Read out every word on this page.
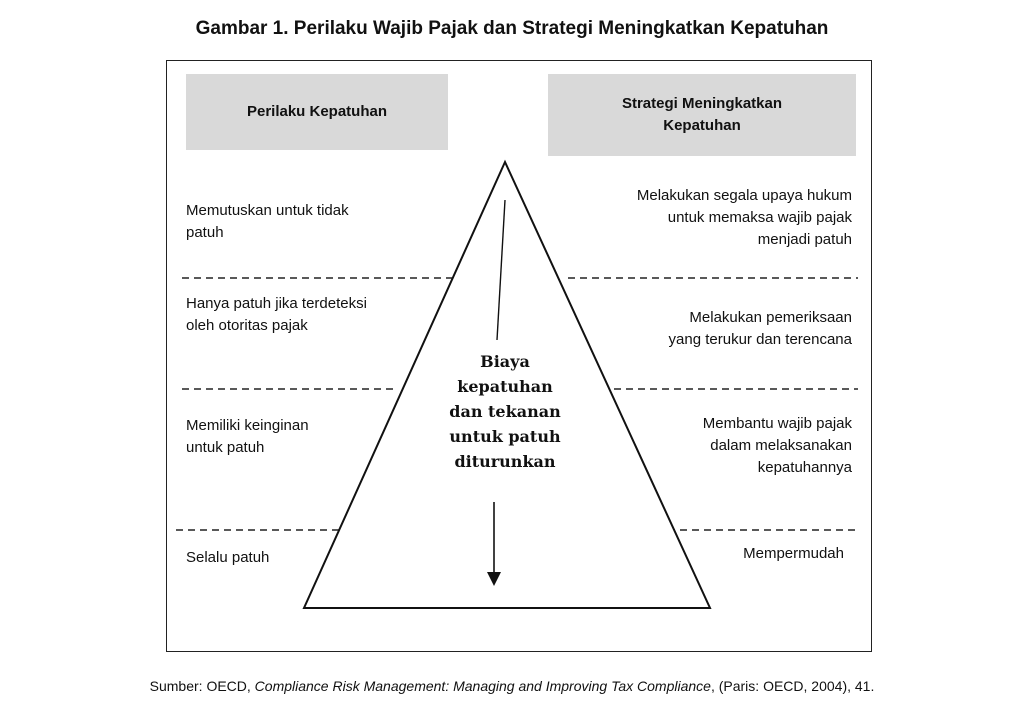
Gambar 1. Perilaku Wajib Pajak dan Strategi Meningkatkan Kepatuhan
Perilaku Kepatuhan	Strategi Meningkatkan
Kepatuhan
Biaya
kepatuhan
dan tekanan
untuk patuh
diturunkan
Memutuskan untuk tidak
patuh
Hanya patuh jika terdeteksi
oleh otoritas pajak
Memiliki keinginan
untuk patuh
Selalu patuh
Melakukan segala upaya hukum
untuk memaksa wajib pajak
menjadi patuh
Melakukan pemeriksaan
yang terukur dan terencana
Membantu wajib pajak
dalam melaksanakan
kepatuhannya
Mempermudah
Sumber: OECD, Compliance Risk Management: Managing and Improving Tax Compliance, (Paris: OECD, 2004), 41.
